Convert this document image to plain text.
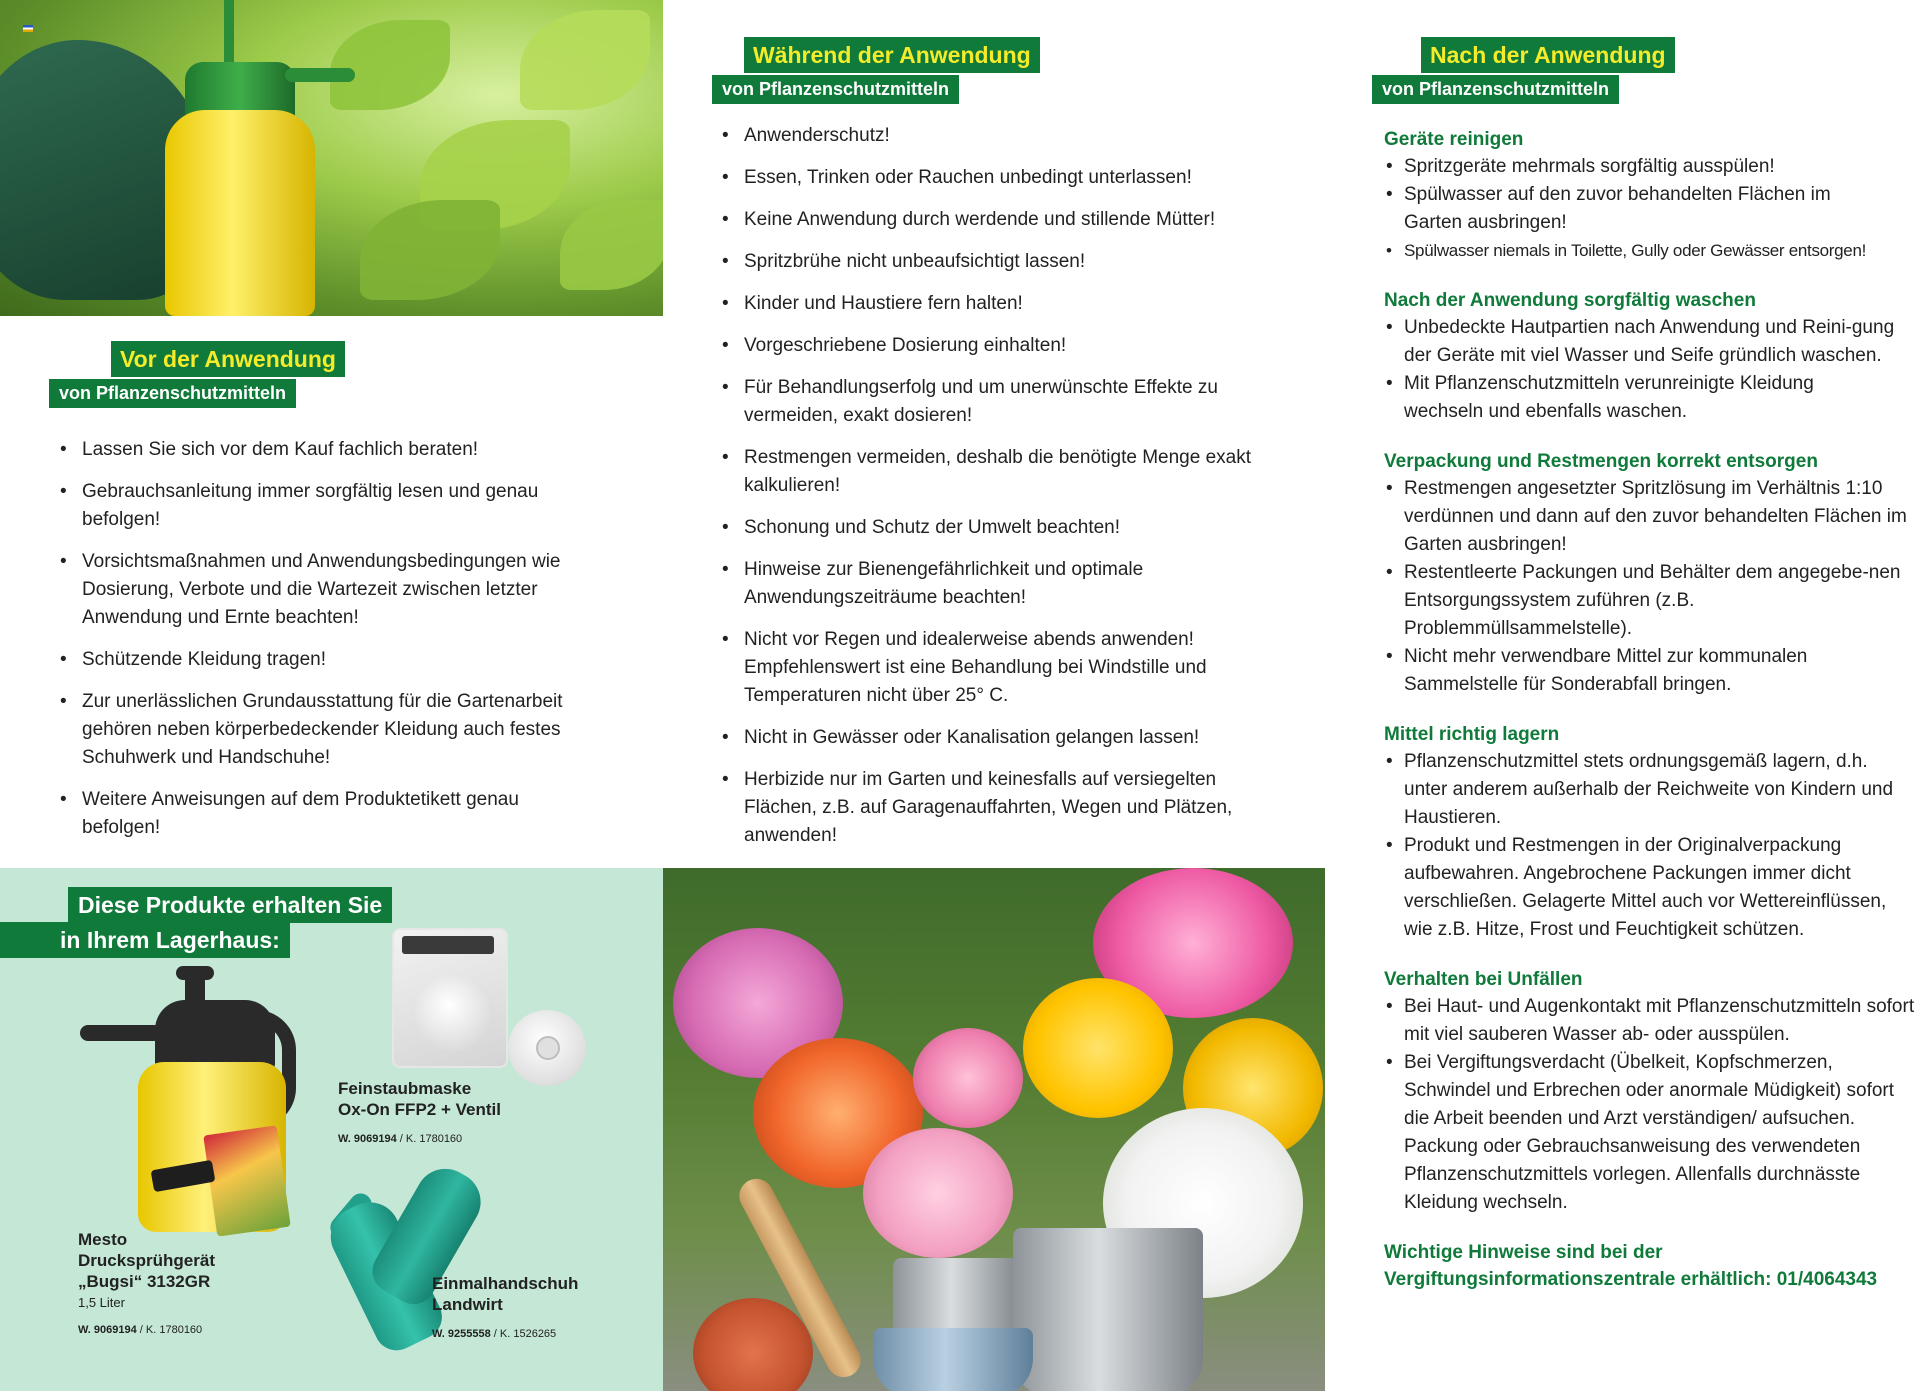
Vor der Anwendung
von Pflanzenschutzmitteln
• Lassen Sie sich vor dem Kauf fachlich beraten!
• Gebrauchsanleitung immer sorgfältig lesen und genau befolgen!
• Vorsichtsmaßnahmen und Anwendungsbedingungen wie Dosierung, Verbote und die Wartezeit zwischen letzter Anwendung und Ernte beachten!
• Schützende Kleidung tragen!
• Zur unerlässlichen Grundausstattung für die Gartenarbeit gehören neben körperbedeckender Kleidung auch festes Schuhwerk und Handschuhe!
• Weitere Anweisungen auf dem Produktetikett genau befolgen!
Während der Anwendung
von Pflanzenschutzmitteln
• Anwenderschutz!
• Essen, Trinken oder Rauchen unbedingt unterlassen!
• Keine Anwendung durch werdende und stillende Mütter!
• Spritzbrühe nicht unbeaufsichtigt lassen!
• Kinder und Haustiere fern halten!
• Vorgeschriebene Dosierung einhalten!
• Für Behandlungserfolg und um unerwünschte Effekte zu vermeiden, exakt dosieren!
• Restmengen vermeiden, deshalb die benötigte Menge exakt kalkulieren!
• Schonung und Schutz der Umwelt beachten!
• Hinweise zur Bienengefährlichkeit und optimale Anwendungszeiträume beachten!
• Nicht vor Regen und idealerweise abends anwenden! Empfehlenswert ist eine Behandlung bei Windstille und Temperaturen nicht über 25° C.
• Nicht in Gewässer oder Kanalisation gelangen lassen!
• Herbizide nur im Garten und keinesfalls auf versiegelten Flächen, z.B. auf Garagenauffahrten, Wegen und Plätzen, anwenden!
Nach der Anwendung
von Pflanzenschutzmitteln

Geräte reinigen

• Spritzgeräte mehrmals sorgfältig ausspülen!
• Spülwasser auf den zuvor behandelten Flächen im Garten ausbringen!
• Spülwasser niemals in Toilette, Gully oder Gewässer entsorgen!

Nach der Anwendung sorgfältig waschen

• Unbedeckte Hautpartien nach Anwendung und Reini-gung der Geräte mit viel Wasser und Seife gründlich waschen.
• Mit Pflanzenschutzmitteln verunreinigte Kleidung wechseln und ebenfalls waschen.

Verpackung und Restmengen korrekt entsorgen

• Restmengen angesetzter Spritzlösung im Verhältnis 1:10 verdünnen und dann auf den zuvor behandelten Flächen im Garten ausbringen!
• Restentleerte Packungen und Behälter dem angegebe-nen Entsorgungssystem zuführen (z.B. Problemmüllsammelstelle).
• Nicht mehr verwendbare Mittel zur kommunalen Sammelstelle für Sonderabfall bringen.

Mittel richtig lagern

• Pflanzenschutzmittel stets ordnungsgemäß lagern, d.h. unter anderem außerhalb der Reichweite von Kindern und Haustieren.
• Produkt und Restmengen in der Originalverpackung aufbewahren. Angebrochene Packungen immer dicht verschließen. Gelagerte Mittel auch vor Wettereinflüssen, wie z.B. Hitze, Frost und Feuchtigkeit schützen.

Verhalten bei Unfällen

• Bei Haut- und Augenkontakt mit Pflanzenschutzmitteln sofort mit viel sauberen Wasser ab- oder ausspülen.
• Bei Vergiftungsverdacht (Übelkeit, Kopfschmerzen, Schwindel und Erbrechen oder anormale Müdigkeit) sofort die Arbeit beenden und Arzt verständigen/ aufsuchen. Packung oder Gebrauchsanweisung des verwendeten Pflanzenschutzmittels vorlegen. Allenfalls durchnässte Kleidung wechseln.

Wichtige Hinweise sind bei der

Vergiftungsinformationszentrale erhältlich: 01/4064343

Diese Produkte erhalten Sie
in Ihrem Lagerhaus:
Mesto
Drucksprühgerät
„Bugsi“ 3132GR
1,5 Liter
W. 9069194 / K. 1780160
Feinstaubmaske
Ox-On FFP2 + Ventil
W. 9069194 / K. 1780160
Einmalhandschuh
Landwirt
W. 9255558 / K. 1526265
